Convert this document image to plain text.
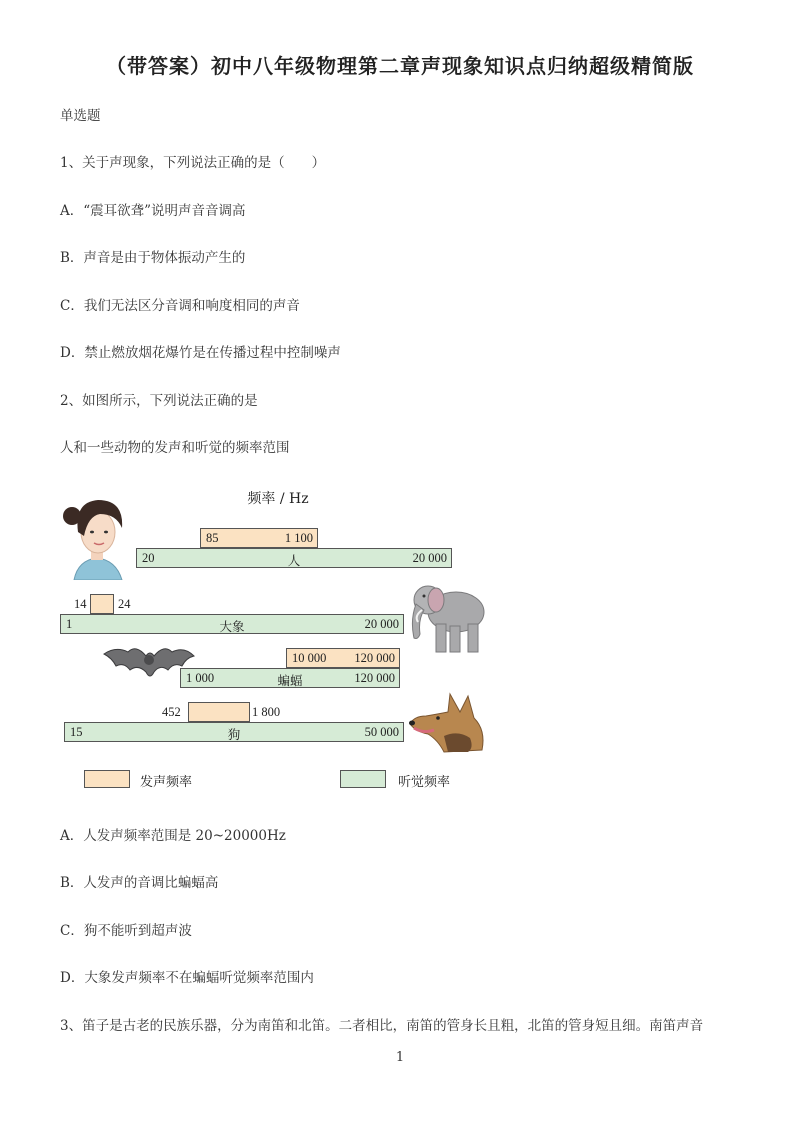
（带答案）初中八年级物理第二章声现象知识点归纳超级精简版
单选题
1、关于声现象，下列说法正确的是（　　）
A．“震耳欲聋”说明声音音调高
B．声音是由于物体振动产生的
C．我们无法区分音调和响度相同的声音
D．禁止燃放烟花爆竹是在传播过程中控制噪声
2、如图所示，下列说法正确的是
人和一些动物的发声和听觉的频率范围
频率 / Hz
85	1 100
20	人	20 000
14	24
1	大象	20 000
10 000 120 000
1 000	蝙蝠	120 000
452	1 800
15	狗	50 000
发声频率	听觉频率
A．人发声频率范围是 20~20000Hz
B．人发声的音调比蝙蝠高
C．狗不能听到超声波
D．大象发声频率不在蝙蝠听觉频率范围内
3、笛子是古老的民族乐器，分为南笛和北笛。二者相比，南笛的管身长且粗，北笛的管身短且细。南笛声音
1
